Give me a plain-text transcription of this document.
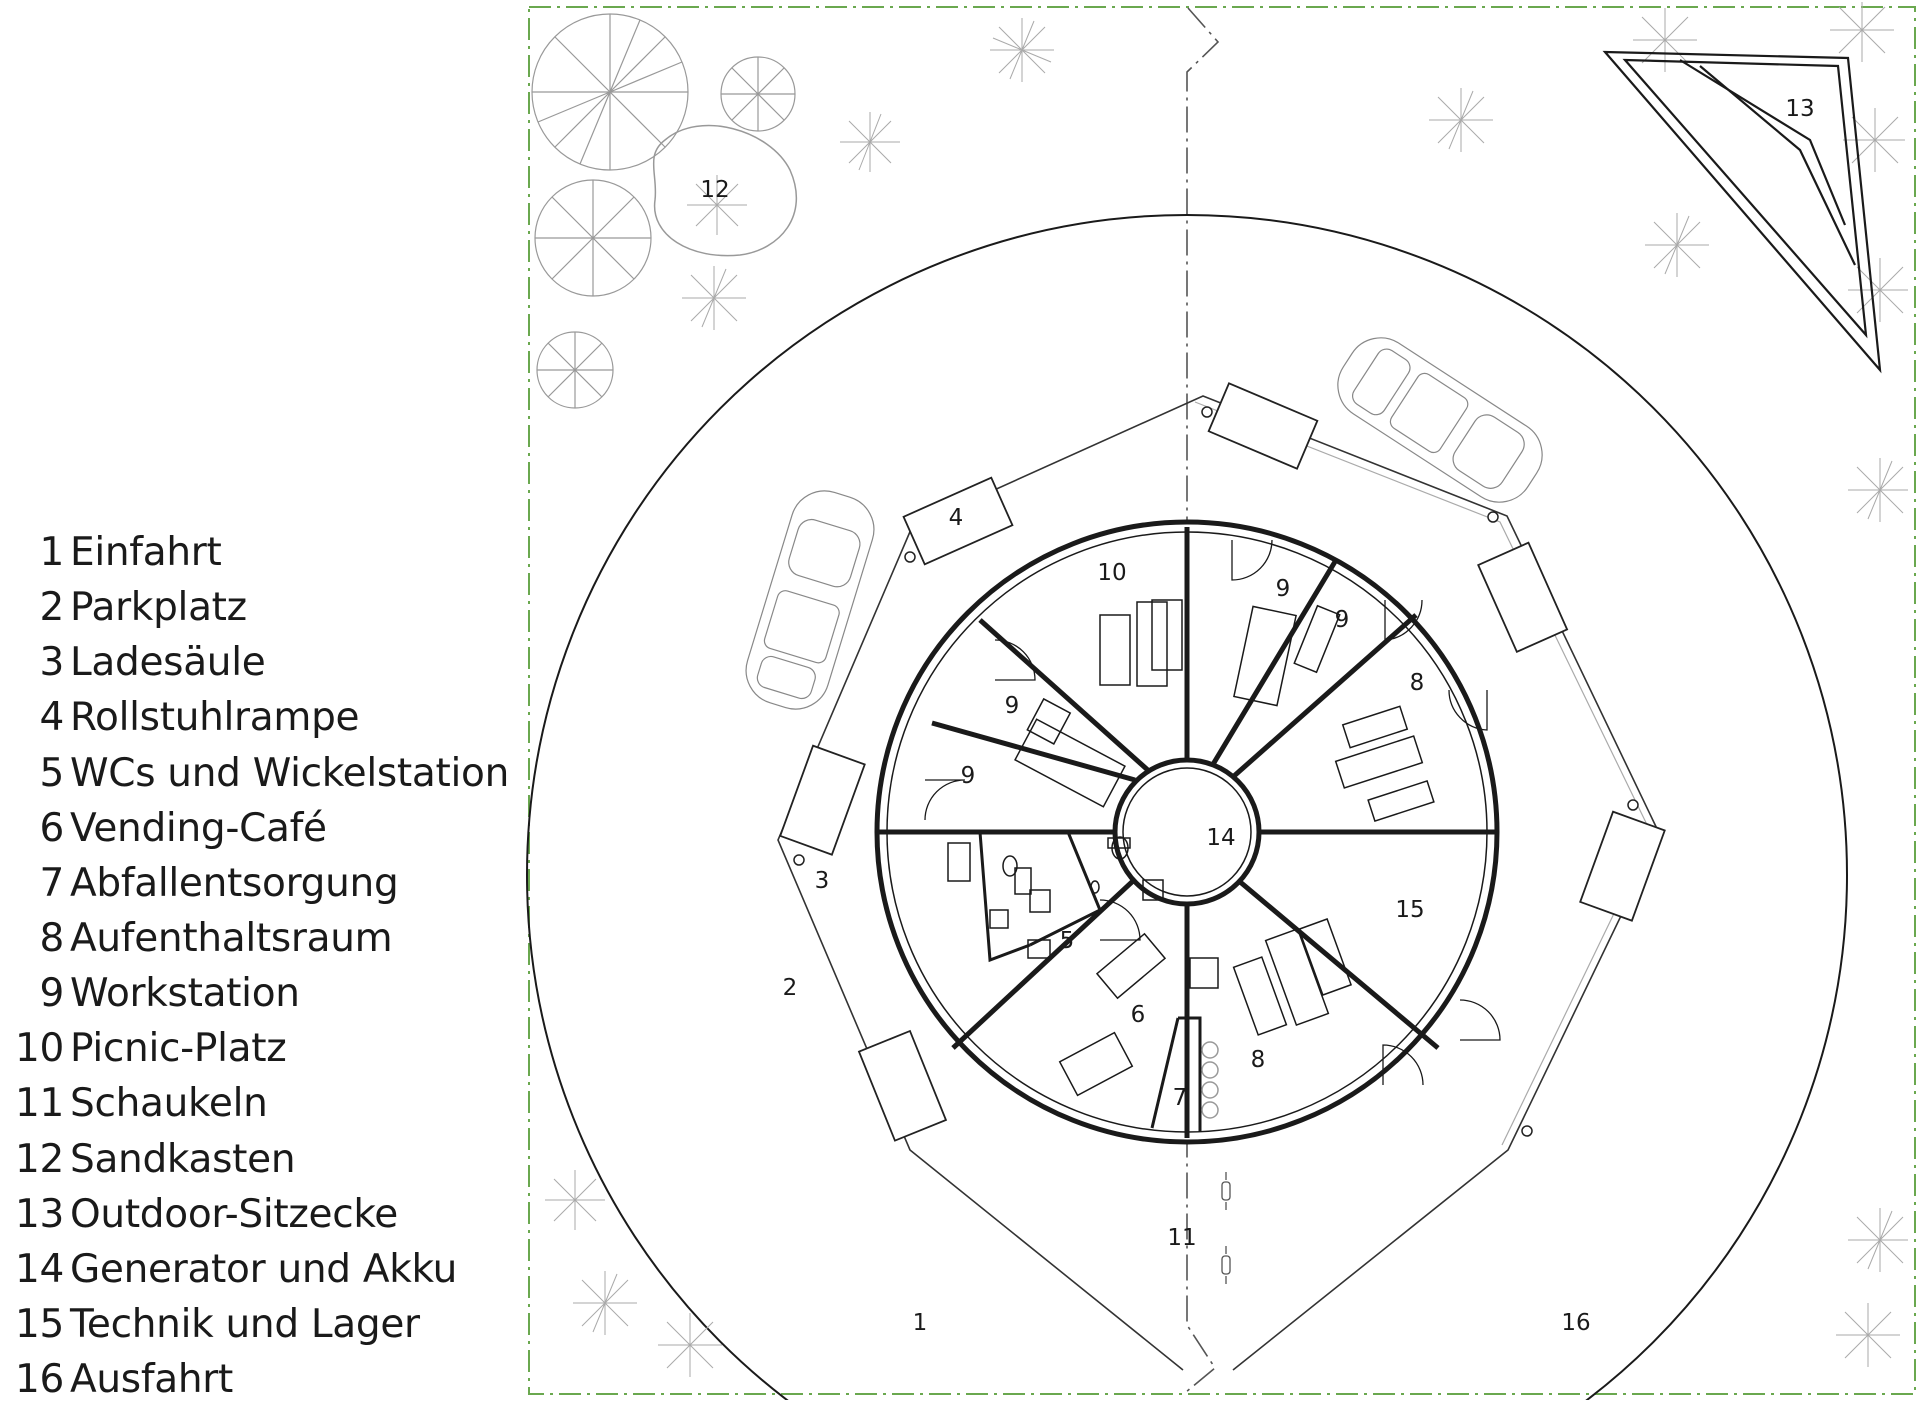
1 Einfahrt
2 Parkplatz
3 Ladesäule
4 Rollstuhlrampe
5 WCs und Wickelstation
6 Vending-Café
7 Abfallentsorgung
8 Aufenthaltsraum
9 Workstation
10 Picnic-Platz
11 Schaukeln
12 Sandkasten
13 Outdoor-Sitzecke
14 Generator und Akku
15 Technik und Lager
16 Ausfahrt
1
2
3
4
5
6
7
8
8
9
9
9
9
10
11
12
13
14
15
16
